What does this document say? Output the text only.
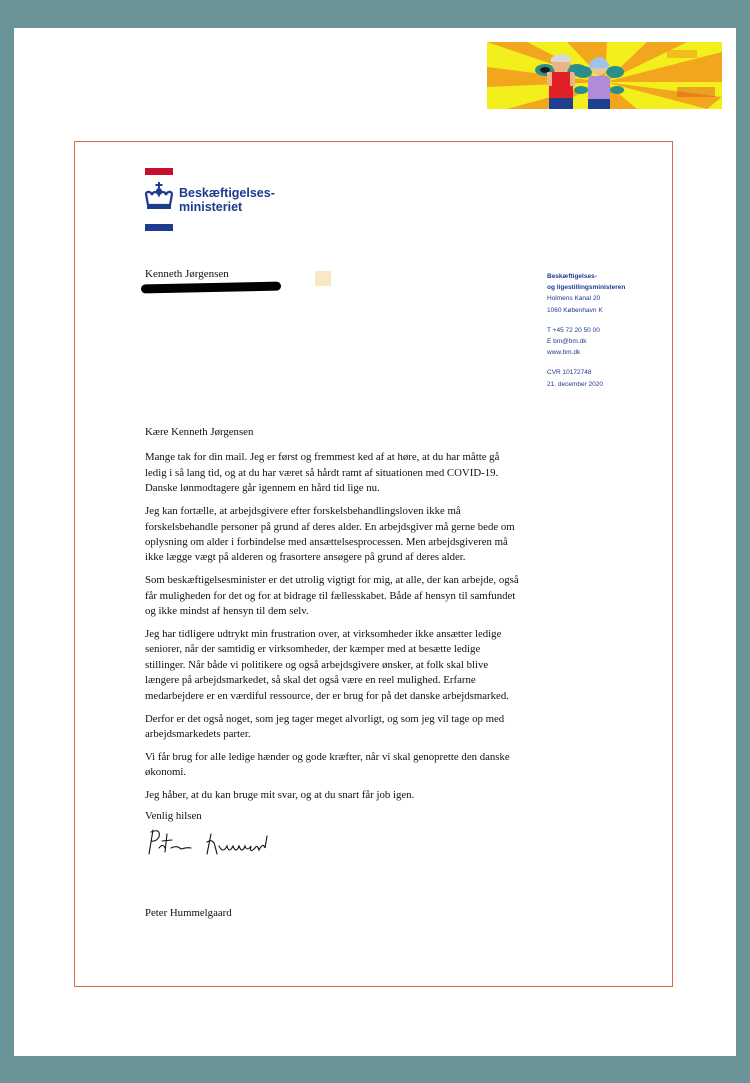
Beskæftigelses-
ministeriet
Kenneth Jørgensen	Beskæftigelses-
og ligestillingsministeren
Holmens Kanal 20
1060 København K
T +45 72 20 50 00
E bm@bm.dk
www.bm.dk
CVR 10172748
21. december 2020

Kære Kenneth Jørgensen

Mange tak for din mail. Jeg er først og fremmest ked af at høre, at du har måtte gå ledig i så lang tid, og at du har været så hårdt ramt af situationen med COVID-19. Danske lønmodtagere går igennem en hård tid lige nu.

Jeg kan fortælle, at arbejdsgivere efter forskelsbehandlingsloven ikke må forskelsbehandle personer på grund af deres alder. En arbejdsgiver må gerne bede om oplysning om alder i forbindelse med ansættelsesprocessen. Men arbejdsgiveren må ikke lægge vægt på alderen og frasortere ansøgere på grund af deres alder.

Som beskæftigelsesminister er det utrolig vigtigt for mig, at alle, der kan arbejde, også får muligheden for det og for at bidrage til fællesskabet. Både af hensyn til samfundet og ikke mindst af hensyn til dem selv.

Jeg har tidligere udtrykt min frustration over, at virksomheder ikke ansætter ledige seniorer, når der samtidig er virksomheder, der kæmper med at besætte ledige stillinger. Når både vi politikere og også arbejdsgivere ønsker, at folk skal blive længere på arbejdsmarkedet, så skal det også være en reel mulighed. Erfarne medarbejdere er en værdiful ressource, der er brug for på det danske arbejdsmarked.

Derfor er det også noget, som jeg tager meget alvorligt, og som jeg vil tage op med arbejdsmarkedets parter.

Vi får brug for alle ledige hænder og gode kræfter, når vi skal genoprette den danske økonomi.

Jeg håber, at du kan bruge mit svar, og at du snart får job igen.

Venlig hilsen
Peter Hummelgaard
